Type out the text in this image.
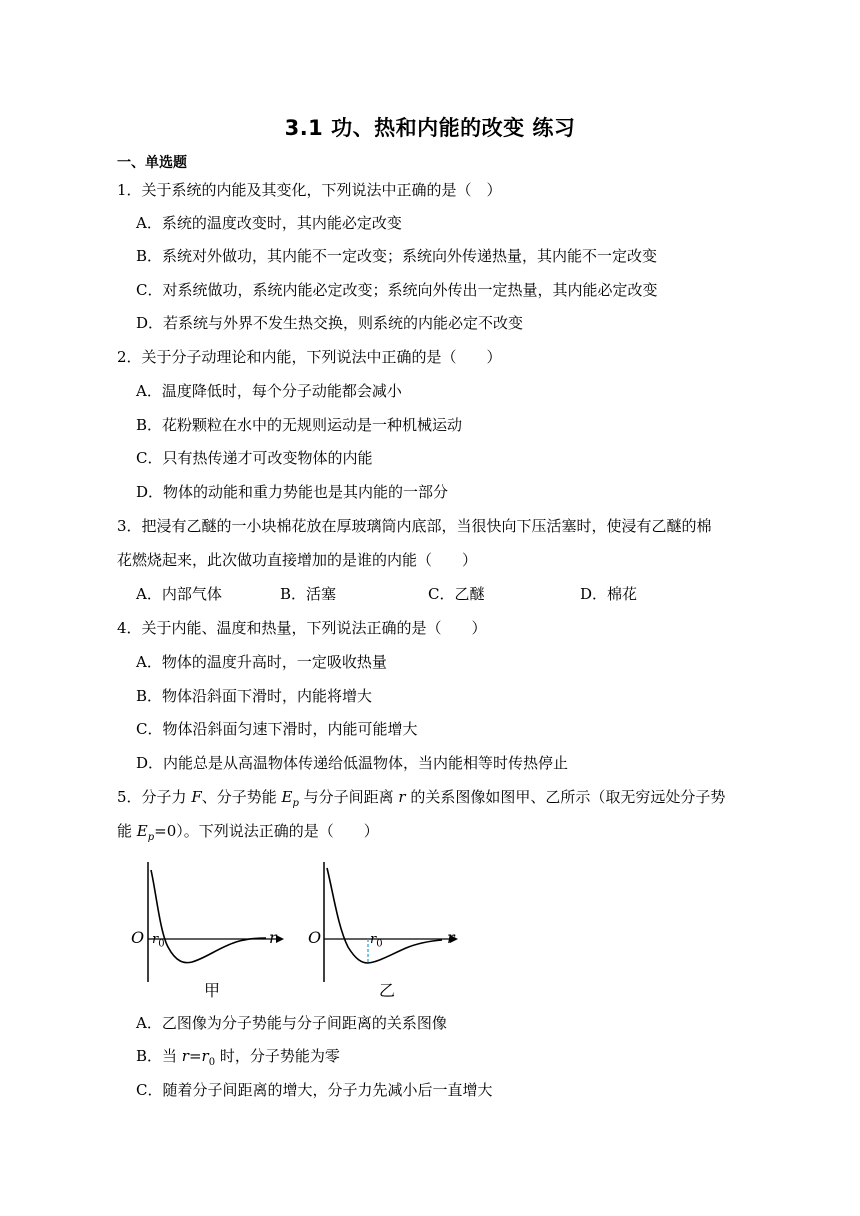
3.1 功、热和内能的改变 练习
一、单选题
1．关于系统的内能及其变化，下列说法中正确的是（　）
A．系统的温度改变时，其内能必定改变
B．系统对外做功，其内能不一定改变；系统向外传递热量，其内能不一定改变
C．对系统做功，系统内能必定改变；系统向外传出一定热量，其内能必定改变
D．若系统与外界不发生热交换，则系统的内能必定不改变
2．关于分子动理论和内能，下列说法中正确的是（　　）
A．温度降低时，每个分子动能都会减小
B．花粉颗粒在水中的无规则运动是一种机械运动
C．只有热传递才可改变物体的内能
D．物体的动能和重力势能也是其内能的一部分
3．把浸有乙醚的一小块棉花放在厚玻璃筒内底部，当很快向下压活塞时，使浸有乙醚的棉
花燃烧起来，此次做功直接增加的是谁的内能（　　）
A．内部气体	B．活塞	C．乙醚	D．棉花
4．关于内能、温度和热量，下列说法正确的是（　　）
A．物体的温度升高时，一定吸收热量
B．物体沿斜面下滑时，内能将增大
C．物体沿斜面匀速下滑时，内能可能增大
D．内能总是从高温物体传递给低温物体，当内能相等时传热停止
5．分子力 F、分子势能 $E_p$ 与分子间距离 r 的关系图像如图甲、乙所示（取无穷远处分子势
能 $E_p=0$）。下列说法正确的是（　　）
O $r_0$	r
甲
O	$r_0$	r
乙
A．乙图像为分子势能与分子间距离的关系图像
B．当 $r=r_0$ 时，分子势能为零
C．随着分子间距离的增大，分子力先减小后一直增大
